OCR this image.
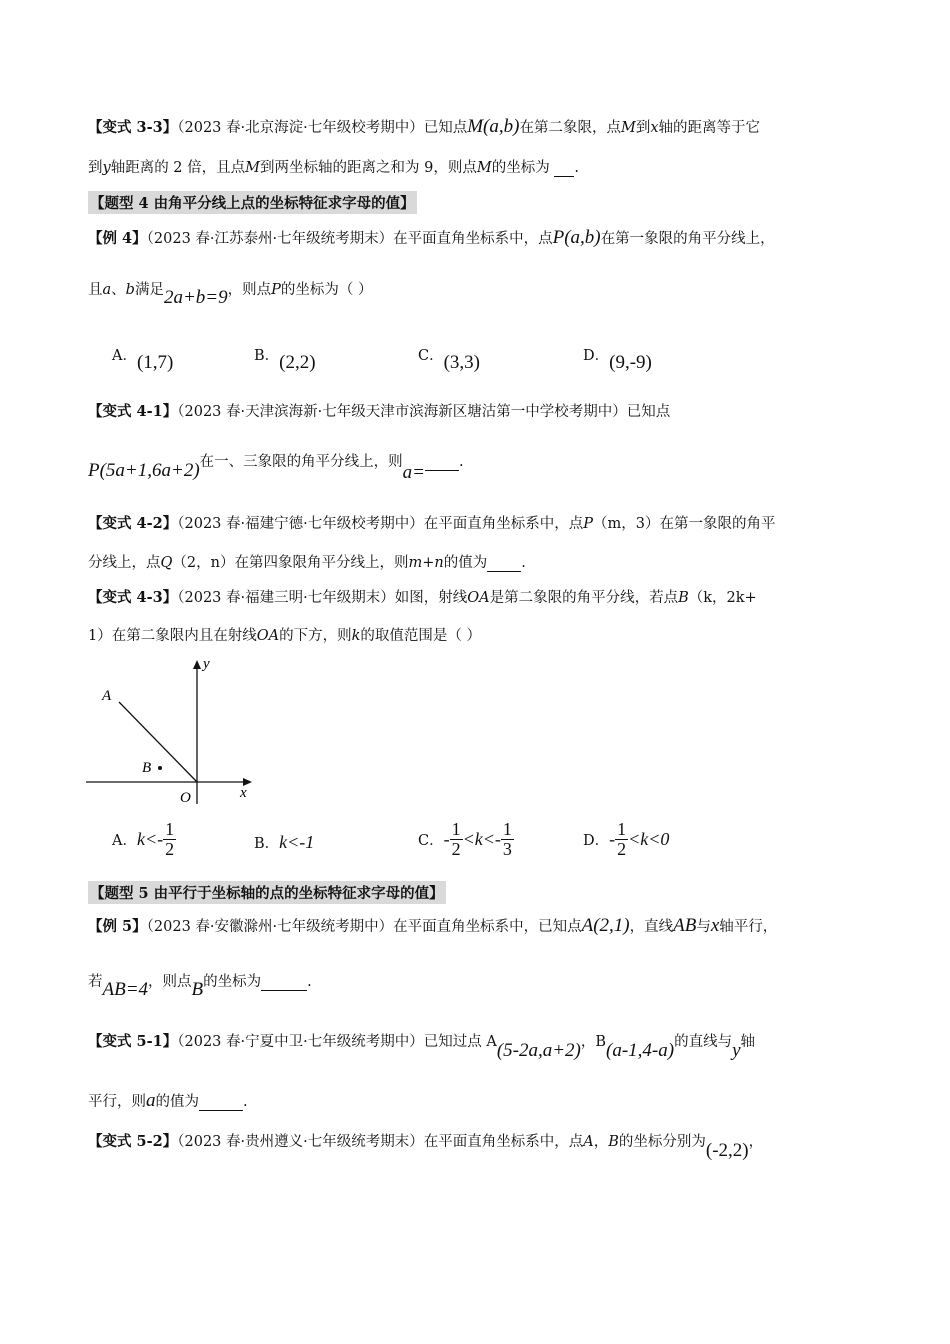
【变式 3-3】（2023 春·北京海淀·七年级校考期中）已知点M(a,b)在第二象限，点M到x轴的距离等于它
到y轴距离的 2 倍，且点M到两坐标轴的距离之和为 9，则点M的坐标为 .
【题型 4 由角平分线上点的坐标特征求字母的值】
【例 4】（2023 春·江苏泰州·七年级统考期末）在平面直角坐标系中，点P(a,b)在第一象限的角平分线上，
且a、b满足2a+b=9，则点P的坐标为（ ）
A．(1,7)	B．(2,2)	C．(3,3)	D．(9,-9)
【变式 4-1】（2023 春·天津滨海新·七年级天津市滨海新区塘沽第一中学校考期中）已知点
P(5a+1,6a+2)在一、三象限的角平分线上，则a= .
【变式 4-2】（2023 春·福建宁德·七年级校考期中）在平面直角坐标系中，点P（m，3）在第一象限的角平
分线上，点Q（2，n）在第四象限角平分线上，则m+n的值为 .
【变式 4-3】（2023 春·福建三明·七年级期末）如图，射线OA是第二象限的角平分线，若点B（k，2k+
1）在第二象限内且在射线OA的下方，则k的取值范围是（ ）
A
B
O	x
y
A． $k<- \frac{1}{2}$	B．k<-1	C． - $\frac{1}{2} <k<- \frac{1}{3}$	D． - $\frac{1}{2} <k<0$
【题型 5 由平行于坐标轴的点的坐标特征求字母的值】
【例 5】（2023 春·安徽滁州·七年级统考期中）在平面直角坐标系中，已知点A(2,1)，直线AB与x轴平行，
若AB=4，则点B的坐标为	.
【变式 5-1】（2023 春·宁夏中卫·七年级统考期中）已知过点 A(5-2a,a+2)，B(a-1,4-a)的直线与y轴
平行，则a的值为	.
【变式 5-2】（2023 春·贵州遵义·七年级统考期末）在平面直角坐标系中，点A，B的坐标分别为(-2,2)，
